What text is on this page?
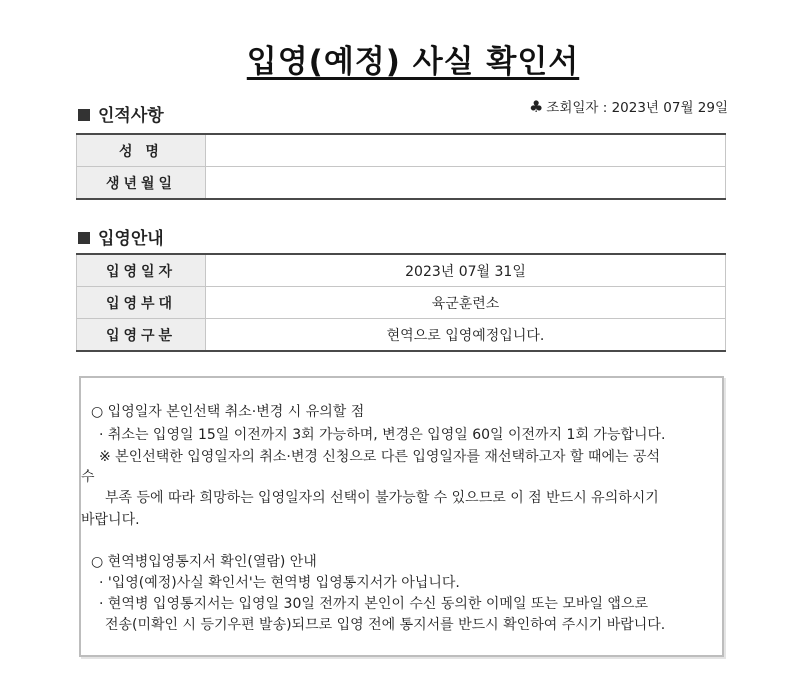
입영(예정) 사실 확인서
인적사항	♣ 조회일자 : 2023년 07월 29일
성 명	
생년월일	
입영안내
입영일자	2023년 07월 31일
입영부대	육군훈련소
입영구분	현역으로 입영예정입니다.
○ 입영일자 본인선택 취소·변경 시 유의할 점
· 취소는 입영일 15일 이전까지 3회 가능하며, 변경은 입영일 60일 이전까지 1회 가능합니다.
※ 본인선택한 입영일자의 취소·변경 신청으로 다른 입영일자를 재선택하고자 할 때에는 공석
수
부족 등에 따라 희망하는 입영일자의 선택이 불가능할 수 있으므로 이 점 반드시 유의하시기
바랍니다.
○ 현역병입영통지서 확인(열람) 안내
· '입영(예정)사실 확인서'는 현역병 입영통지서가 아닙니다.
· 현역병 입영통지서는 입영일 30일 전까지 본인이 수신 동의한 이메일 또는 모바일 앱으로
전송(미확인 시 등기우편 발송)되므로 입영 전에 통지서를 반드시 확인하여 주시기 바랍니다.
